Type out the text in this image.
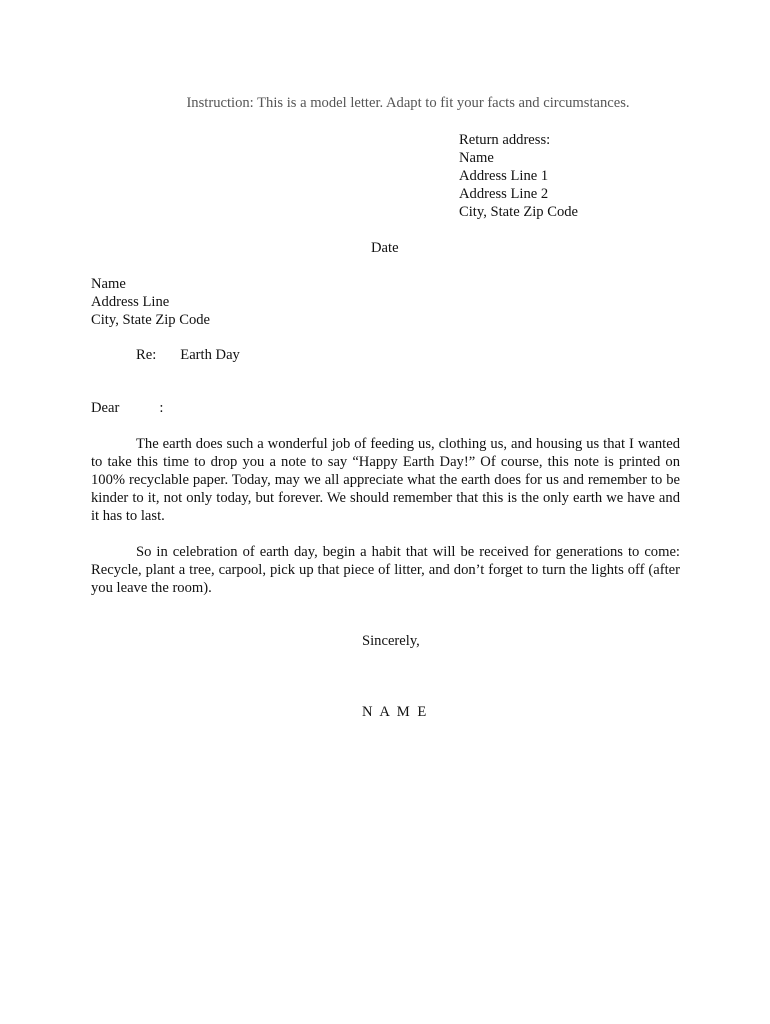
Instruction: This is a model letter. Adapt to fit your facts and circumstances.
Return address:
Name
Address Line 1
Address Line 2
City, State Zip Code
Date
Name
Address Line
City, State Zip Code
Re: Earth Day
Dear	:
The earth does such a wonderful job of feeding us, clothing us, and housing us that I wanted to take this time to drop you a note to say “Happy Earth Day!” Of course, this note is printed on 100% recyclable paper. Today, may we all appreciate what the earth does for us and remember to be kinder to it, not only today, but forever. We should remember that this is the only earth we have and it has to last.
So in celebration of earth day, begin a habit that will be received for generations to come: Recycle, plant a tree, carpool, pick up that piece of litter, and don’t forget to turn the lights off (after you leave the room).
Sincerely,
N A M E
